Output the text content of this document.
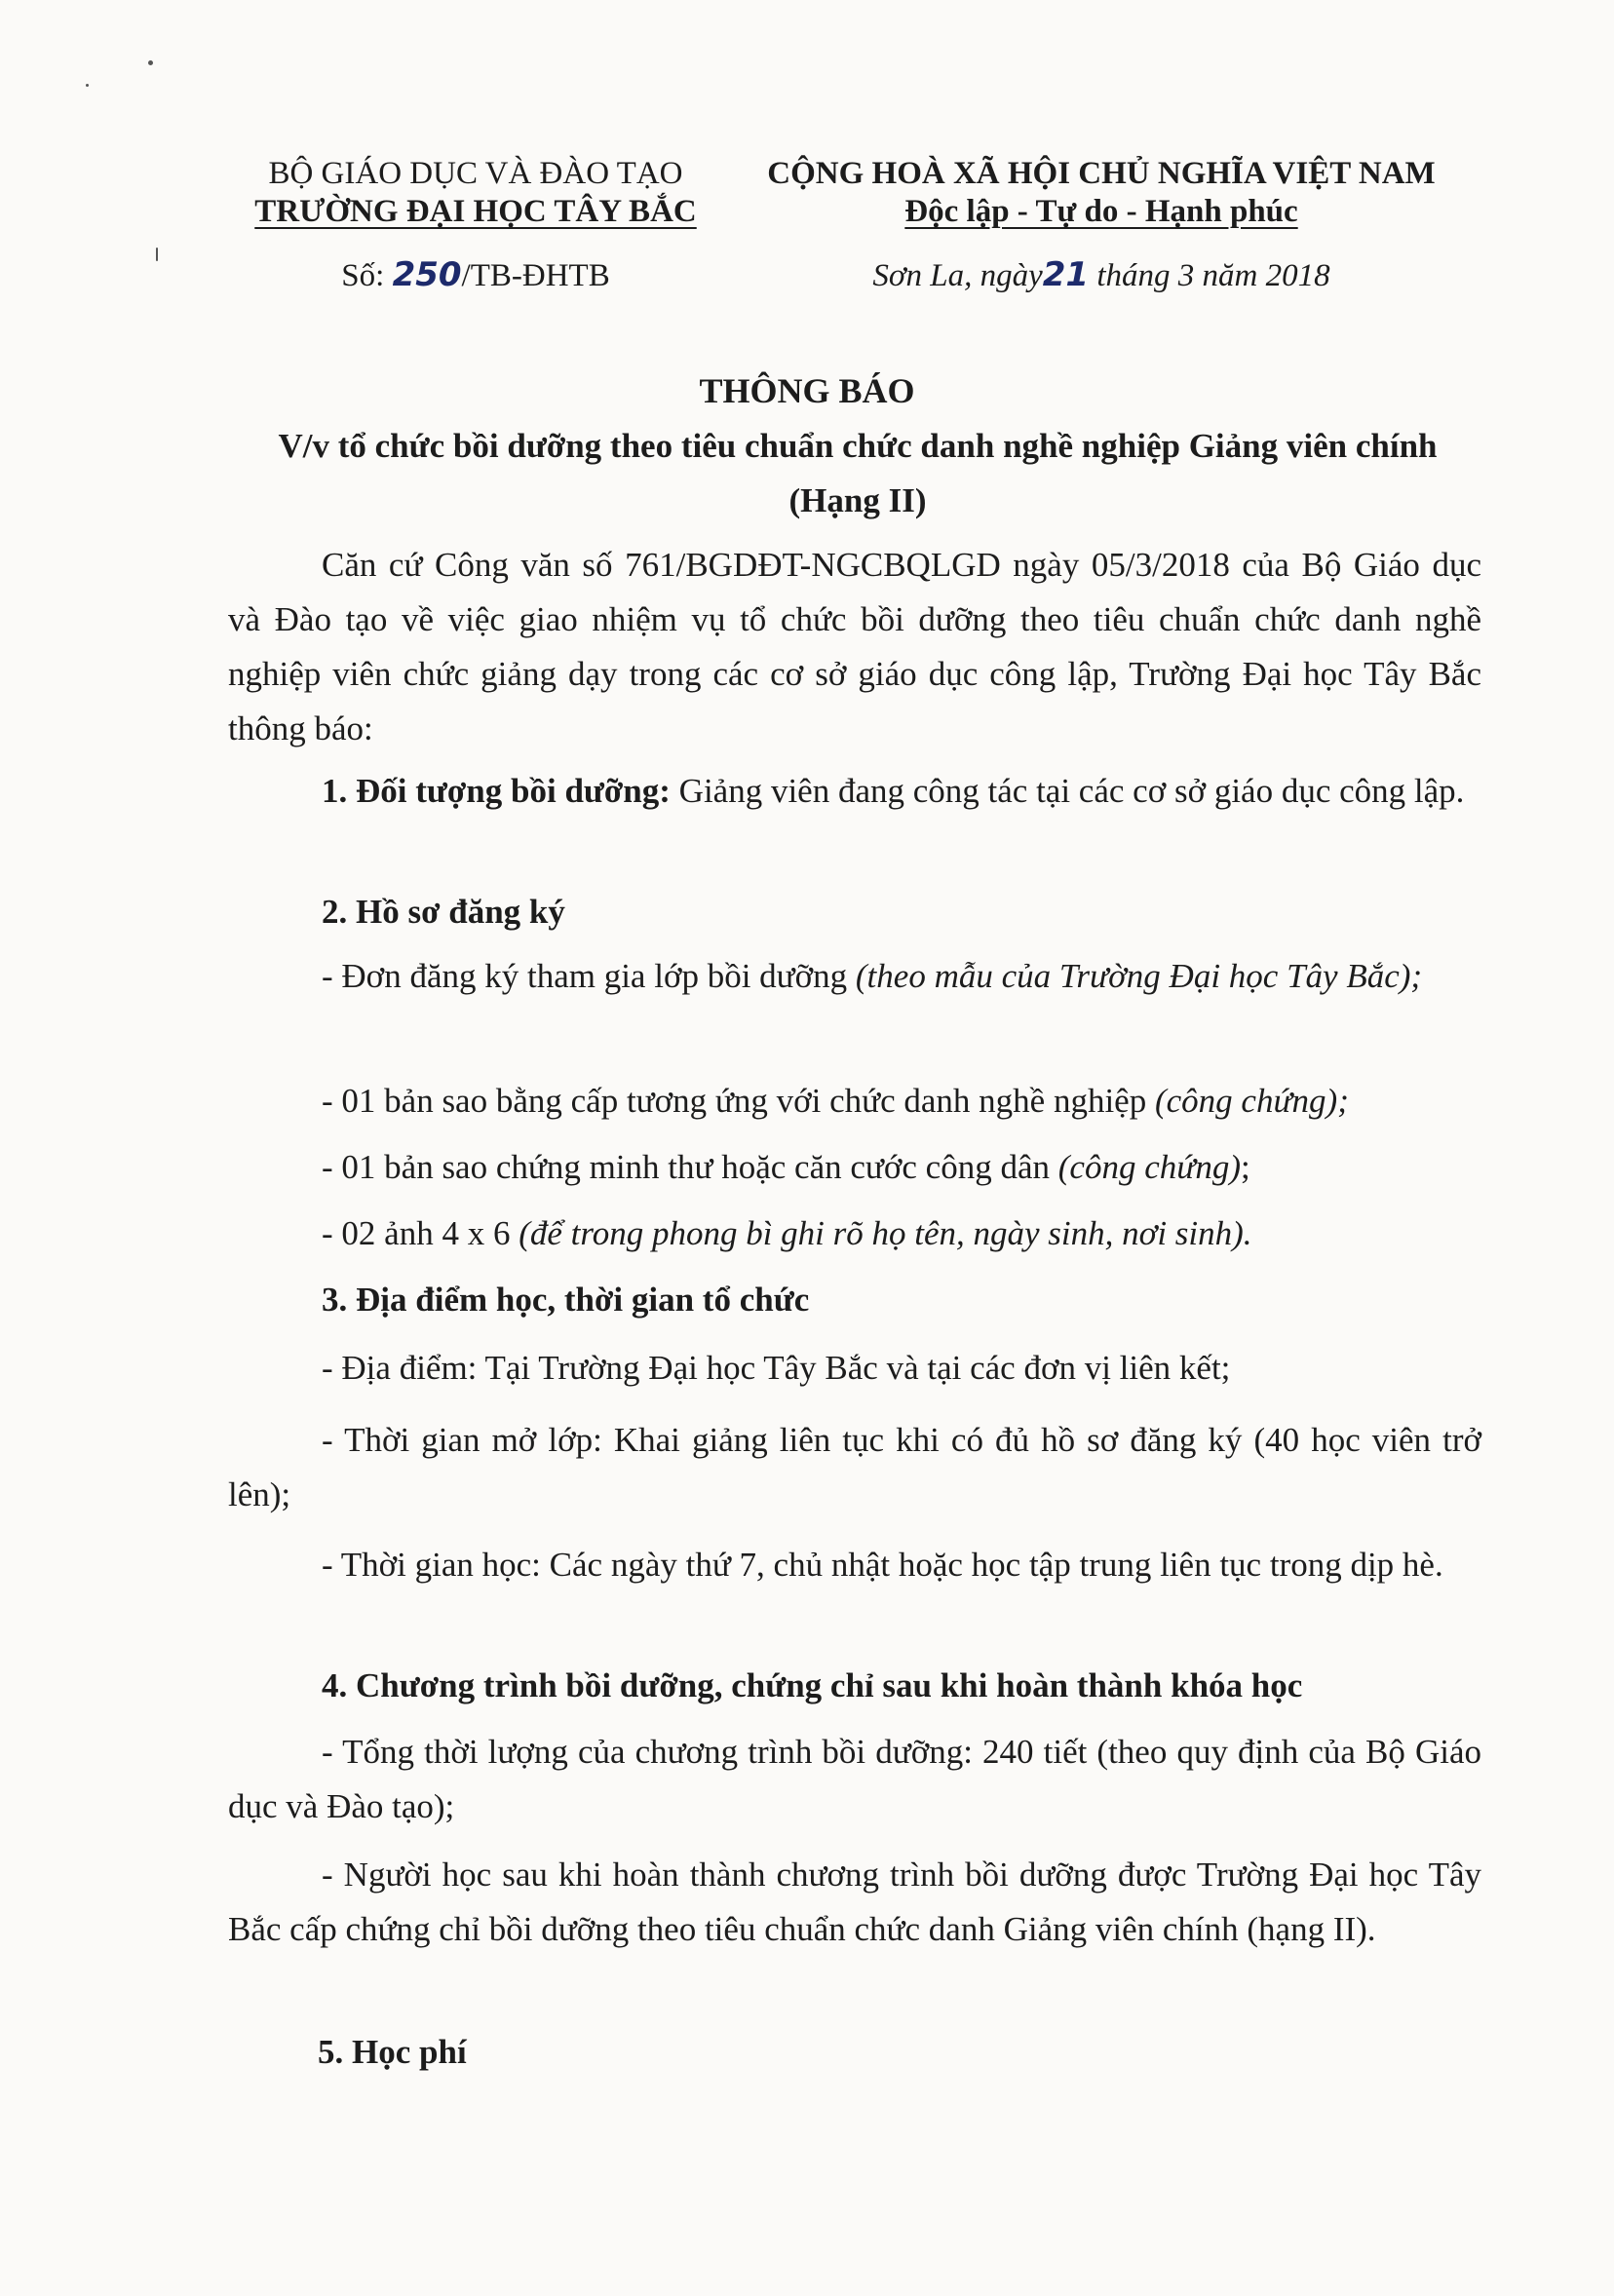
BỘ GIÁO DỤC VÀ ĐÀO TẠO
TRƯỜNG ĐẠI HỌC TÂY BẮC
Số: 250/TB-ĐHTB
CỘNG HOÀ XÃ HỘI CHỦ NGHĨA VIỆT NAM
Độc lập - Tự do - Hạnh phúc
Sơn La, ngày21 tháng 3 năm 2018
THÔNG BÁO
V/v tổ chức bồi dưỡng theo tiêu chuẩn chức danh nghề nghiệp Giảng viên chính
(Hạng II)
Căn cứ Công văn số 761/BGDĐT-NGCBQLGD ngày 05/3/2018 của Bộ Giáo dục và Đào tạo về việc giao nhiệm vụ tổ chức bồi dưỡng theo tiêu chuẩn chức danh nghề nghiệp viên chức giảng dạy trong các cơ sở giáo dục công lập, Trường Đại học Tây Bắc thông báo:
1. Đối tượng bồi dưỡng: Giảng viên đang công tác tại các cơ sở giáo dục công lập.
2. Hồ sơ đăng ký
- Đơn đăng ký tham gia lớp bồi dưỡng (theo mẫu của Trường Đại học Tây Bắc);
- 01 bản sao bằng cấp tương ứng với chức danh nghề nghiệp (công chứng);
- 01 bản sao chứng minh thư hoặc căn cước công dân (công chứng);
- 02 ảnh 4 x 6 (để trong phong bì ghi rõ họ tên, ngày sinh, nơi sinh).
3. Địa điểm học, thời gian tổ chức
- Địa điểm: Tại Trường Đại học Tây Bắc và tại các đơn vị liên kết;
- Thời gian mở lớp: Khai giảng liên tục khi có đủ hồ sơ đăng ký (40 học viên trở lên);
- Thời gian học: Các ngày thứ 7, chủ nhật hoặc học tập trung liên tục trong dịp hè.
4. Chương trình bồi dưỡng, chứng chỉ sau khi hoàn thành khóa học
- Tổng thời lượng của chương trình bồi dưỡng: 240 tiết (theo quy định của Bộ Giáo dục và Đào tạo);
- Người học sau khi hoàn thành chương trình bồi dưỡng được Trường Đại học Tây Bắc cấp chứng chỉ bồi dưỡng theo tiêu chuẩn chức danh Giảng viên chính (hạng II).
5. Học phí
